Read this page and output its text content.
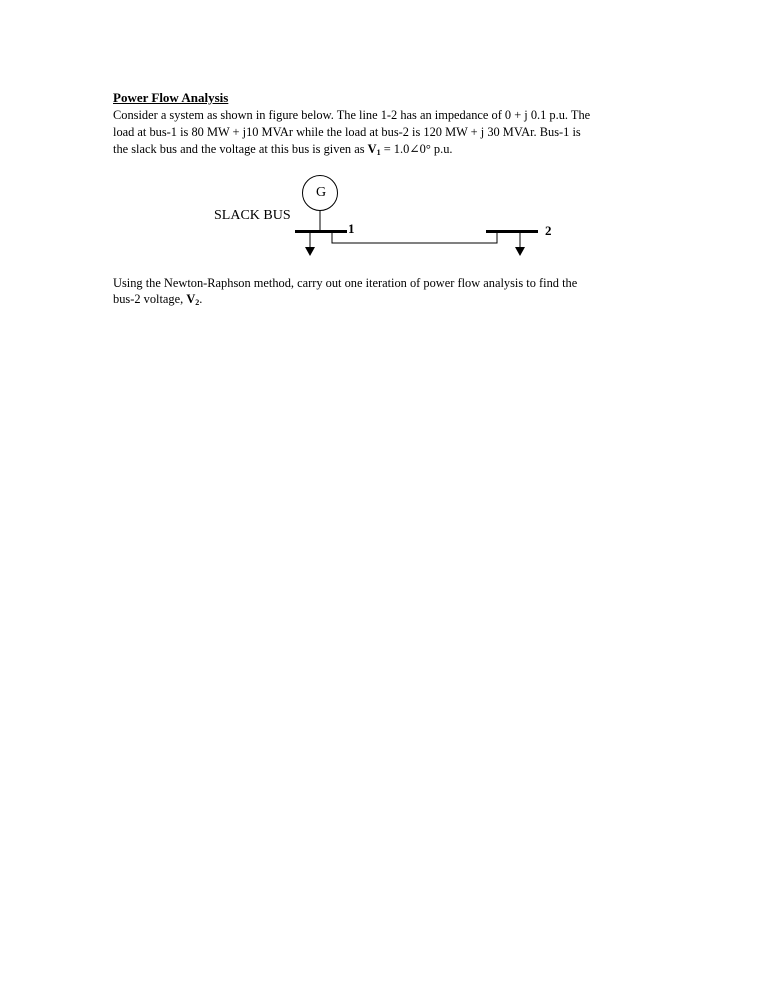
Power Flow Analysis
Consider a system as shown in figure below. The line 1-2 has an impedance of 0 + j 0.1 p.u. The
load at bus-1 is 80 MW + j10 MVAr while the load at bus-2 is 120 MW + j 30 MVAr. Bus-1 is
the slack bus and the voltage at this bus is given as $V_1$ = 1.0∠0° p.u.
G
SLACK BUS
1	2
Using the Newton-Raphson method, carry out one iteration of power flow analysis to find the
bus-2 voltage, $V_2$.
